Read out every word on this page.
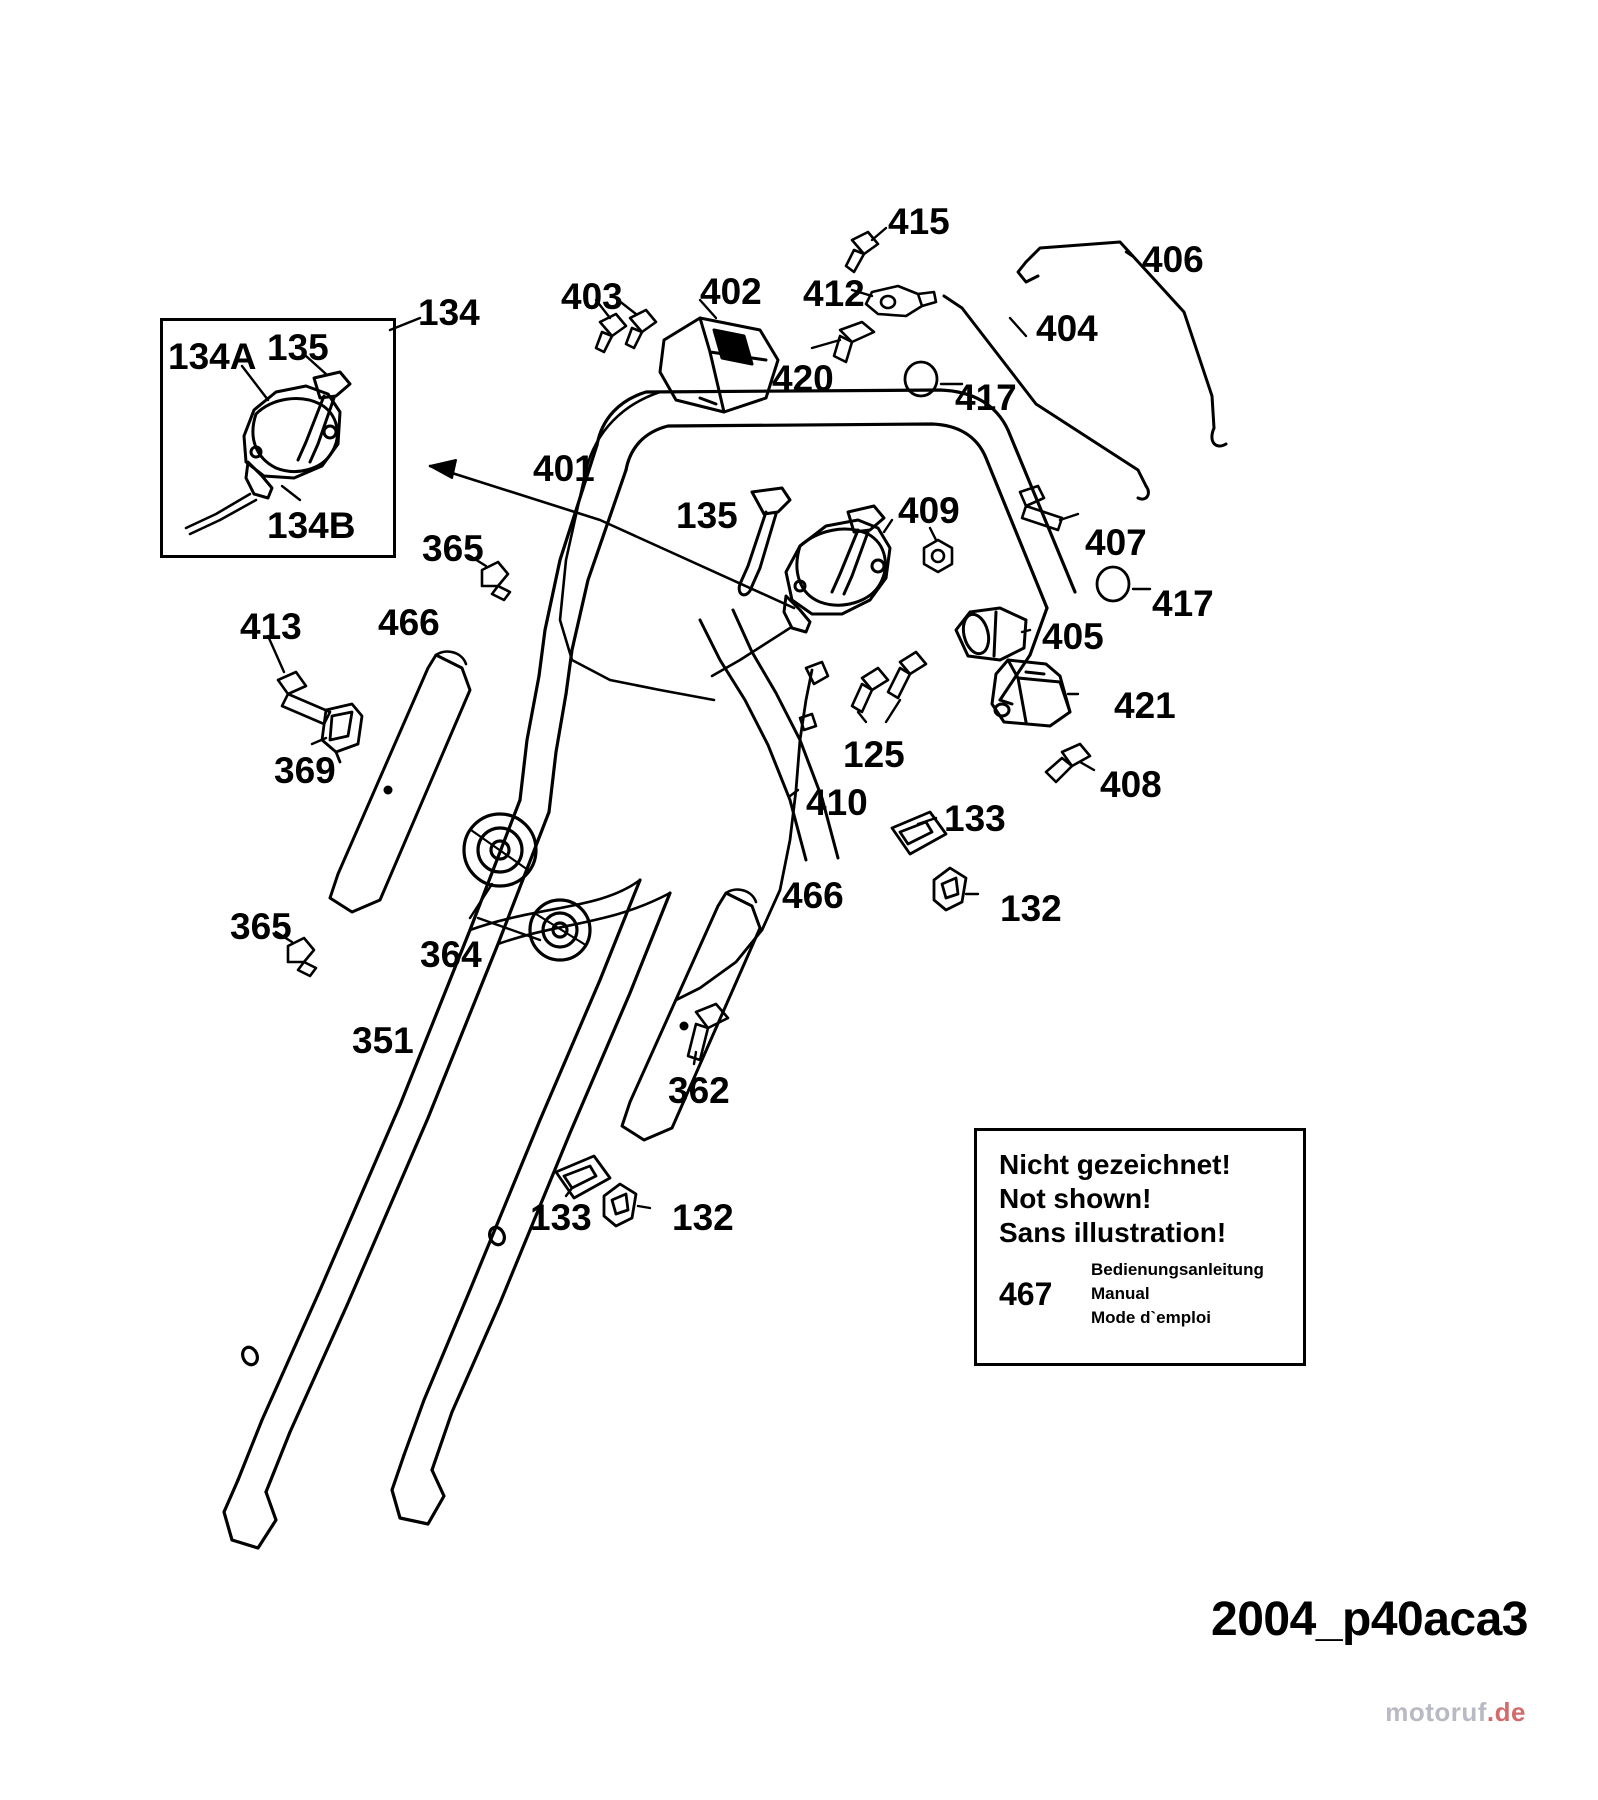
415
406
403 402 412
134	404
134A 135
420	417
401
135	409
134B	407
365
417
413 466	405
421
369	125
408
410 133
466	132
365
364
351
362
133 132
Nicht gezeichnet!
Not shown!
Sans illustration!
467
Bedienungsanleitung
Manual
Mode d`emploi
2004_p40aca3
motoruf.de
